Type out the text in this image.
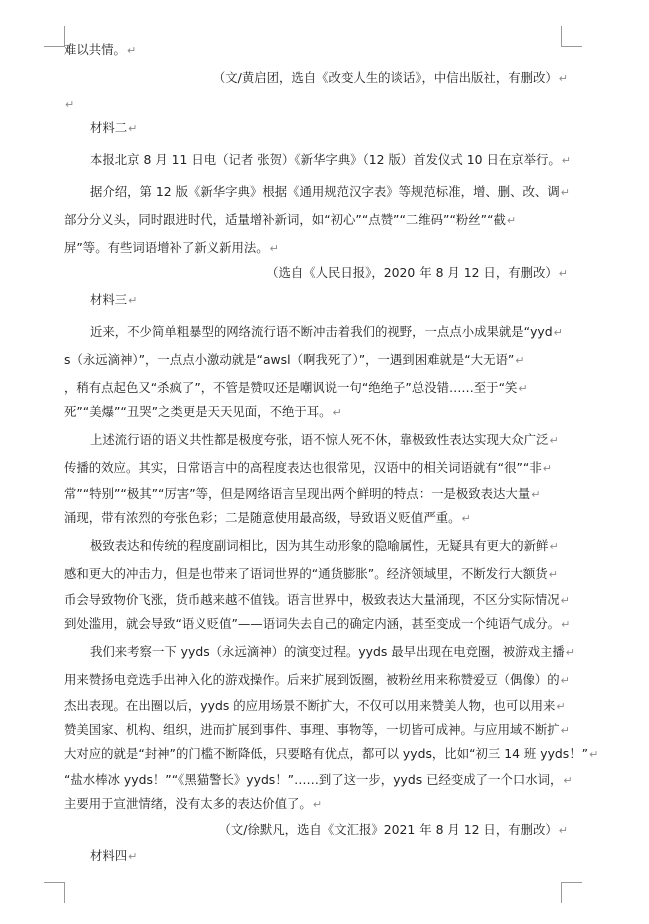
难以共情。↵
（文/黄启团，选自《改变人生的谈话》，中信出版社，有删改）↵
↵
材料二↵
本报北京 8 月 11 日电（记者 张贺）《新华字典》（12 版）首发仪式 10 日在京举行。↵
据介绍，第 12 版《新华字典》根据《通用规范汉字表》等规范标准，增、删、改、调↵
部分分义头，同时跟进时代，适量增补新词，如“初心”“点赞”“二维码”“粉丝”“截↵
屏”等。有些词语增补了新义新用法。↵
（选自《人民日报》，2020 年 8 月 12 日，有删改）↵
材料三↵
近来，不少简单粗暴型的网络流行语不断冲击着我们的视野，一点点小成果就是“yyd↵
s（永远滴神）”，一点点小激动就是“awsl（啊我死了）”，一遇到困难就是“大无语”↵
，稍有点起色又“杀疯了”，不管是赞叹还是嘲讽说一句“绝绝子”总没错……至于“笑↵
死”“美爆”“丑哭”之类更是天天见面，不绝于耳。↵
上述流行语的语义共性都是极度夸张，语不惊人死不休，靠极致性表达实现大众广泛↵
传播的效应。其实，日常语言中的高程度表达也很常见，汉语中的相关词语就有“很”“非↵
常”“特别”“极其”“厉害”等，但是网络语言呈现出两个鲜明的特点：一是极致表达大量↵
涌现，带有浓烈的夸张色彩；二是随意使用最高级，导致语义贬值严重。↵
极致表达和传统的程度副词相比，因为其生动形象的隐喻属性，无疑具有更大的新鲜↵
感和更大的冲击力，但是也带来了语词世界的“通货膨胀”。经济领域里，不断发行大额货↵
币会导致物价飞涨，货币越来越不值钱。语言世界中，极致表达大量涌现，不区分实际情况↵
到处滥用，就会导致“语义贬值”——语词失去自己的确定内涵，甚至变成一个纯语气成分。↵
我们来考察一下 yyds（永远滴神）的演变过程。yyds 最早出现在电竞圈，被游戏主播↵
用来赞扬电竞选手出神入化的游戏操作。后来扩展到饭圈，被粉丝用来称赞爱豆（偶像）的↵
杰出表现。在出圈以后，yyds 的应用场景不断扩大，不仅可以用来赞美人物，也可以用来↵
赞美国家、机构、组织，进而扩展到事件、事理、事物等，一切皆可成神。与应用域不断扩↵
大对应的就是“封神”的门槛不断降低，只要略有优点，都可以 yyds，比如“初三 14 班 yyds！”↵
“盐水棒冰 yyds！”“《黑猫警长》yyds！”……到了这一步，yyds 已经变成了一个口水词，↵
主要用于宣泄情绪，没有太多的表达价值了。↵
（文/徐默凡，选自《文汇报》2021 年 8 月 12 日，有删改）↵
材料四↵
